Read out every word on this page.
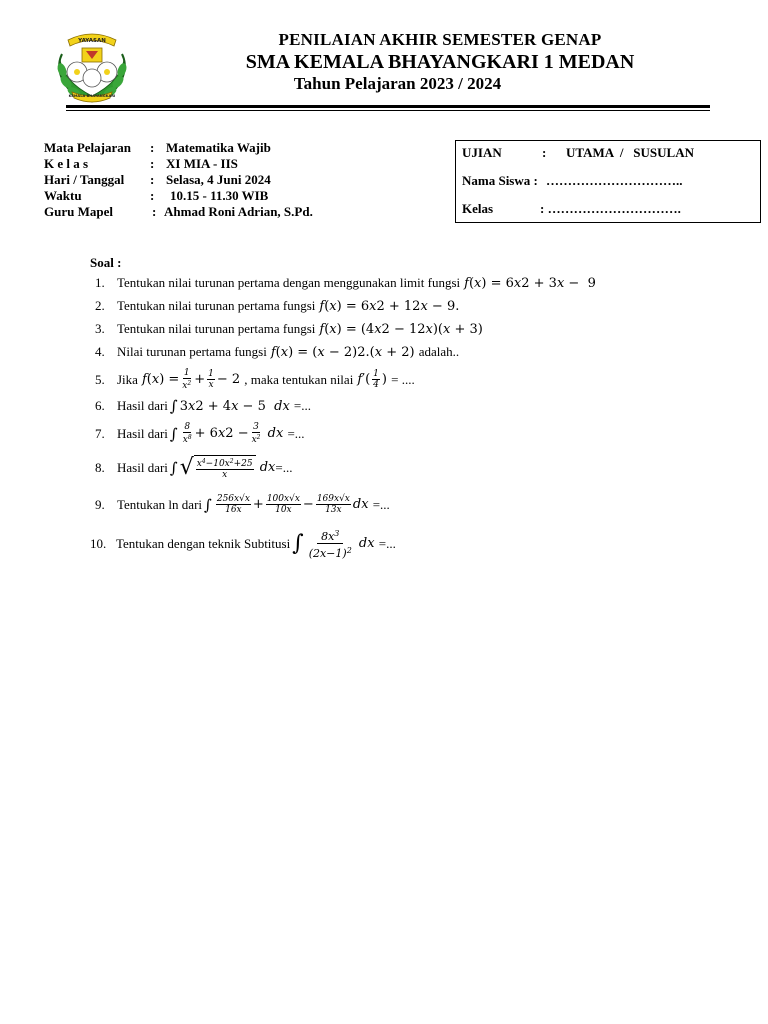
YAYASAN
KEMALA BHAYANGKARI
PENILAIAN AKHIR SEMESTER GENAP
SMA KEMALA BHAYANGKARI 1 MEDAN
Tahun Pelajaran 2023 / 2024
Mata Pelajaran	: Matematika Wajib
K e l a s	: XI MIA - IIS
Hari / Tanggal	: Selasa, 4 Juni 2024
Waktu	: 10.15 - 11.30 WIB
Guru Mapel	: Ahmad Roni Adrian, S.Pd.
UJIAN	: UTAMA  /   SUSULAN
Nama Siswa : …………………………..
Kelas	: ………………………….
Soal :
1. Tentukan nilai turunan pertama dengan menggunakan limit fungsi f ( x ) = 6 x 2 + 3 x −  9
2. Tentukan nilai turunan pertama fungsi f ( x ) = 6 x 2 + 12 x − 9.
3. Tentukan nilai turunan pertama fungsi f ( x ) = (4 x 2 − 12 x )( x + 3)
4. Nilai turunan pertama fungsi f ( x ) = ( x − 2) 2 .( x + 2) adalah..
5. Jika f ( x ) = $\frac{1}{x^2} + \frac{1}{x} - 2$ , maka tentukan nilai f ′( $\frac{1}{4}$ ) = ....
6. Hasil dari ∫ 3 x 2 + 4 x − 5 dx
=...
7. Hasil dari ∫ $\frac{8}{x^8} + 6$ x $2 - \frac{3}{x^2}$ dx
=...
8. Hasil dari ∫ √ $\frac{x^4-10x^2+25}{x}$ dx =...
9. Tentukan ln dari ∫ $\frac{256x√x}{16x} + \frac{100x√x}{10x} - \frac{169x√x}{13x}$ dx
=...
10. Tentukan dengan teknik Subtitusi ∫ $\frac{8x^3}{(2x-1)^2}$ dx
=...
